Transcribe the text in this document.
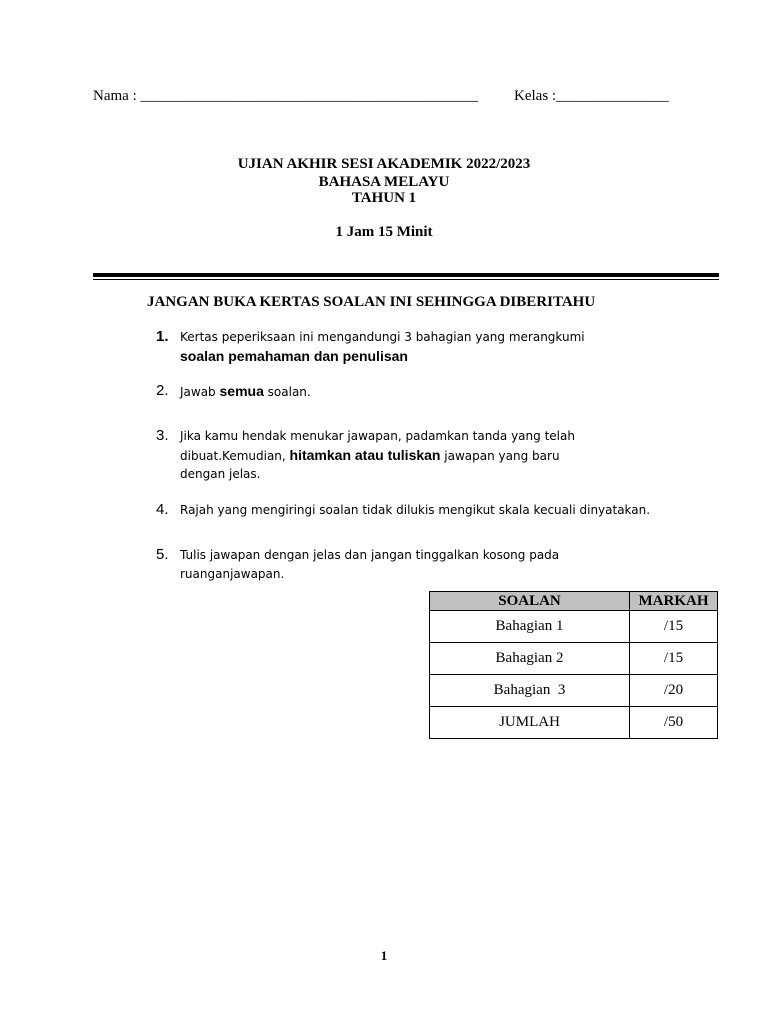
Nama : _____________________________________________ Kelas :_______________
UJIAN AKHIR SESI AKADEMIK 2022/2023
BAHASA MELAYU
TAHUN 1
1 Jam 15 Minit
JANGAN BUKA KERTAS SOALAN INI SEHINGGA DIBERITAHU
1. Kertas peperiksaan ini mengandungi 3 bahagian yang merangkumi
soalan pemahaman dan penulisan
2. Jawab semua soalan.
3. Jika kamu hendak menukar jawapan, padamkan tanda yang telah
dibuat.Kemudian, hitamkan atau tuliskan jawapan yang baru
dengan jelas.
4. Rajah yang mengiringi soalan tidak dilukis mengikut skala kecuali dinyatakan.
5. Tulis jawapan dengan jelas dan jangan tinggalkan kosong pada
ruanganjawapan.
SOALAN	MARKAH
Bahagian 1	/15
Bahagian 2	/15
Bahagian  3	/20
JUMLAH	/50
1
